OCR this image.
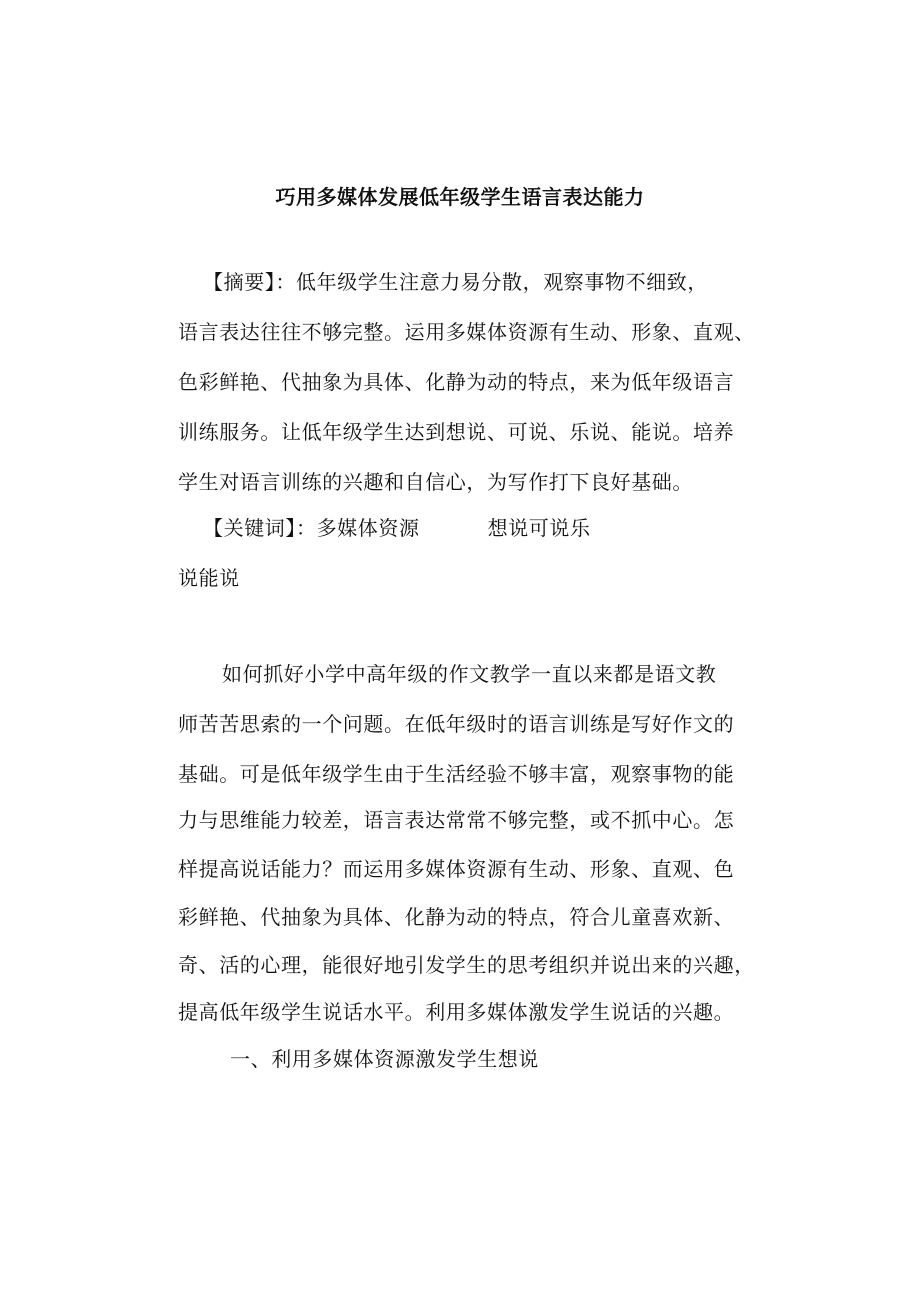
巧用多媒体发展低年级学生语言表达能力
【摘要】：低年级学生注意力易分散，观察事物不细致，
语言表达往往不够完整。运用多媒体资源有生动、形象、直观、
色彩鲜艳、代抽象为具体、化静为动的特点，来为低年级语言
训练服务。让低年级学生达到想说、可说、乐说、能说。培养
学生对语言训练的兴趣和自信心，为写作打下良好基础。
【关键词】：多媒体资源	想说可说乐
说能说
如何抓好小学中高年级的作文教学一直以来都是语文教
师苦苦思索的一个问题。在低年级时的语言训练是写好作文的
基础。可是低年级学生由于生活经验不够丰富，观察事物的能
力与思维能力较差，语言表达常常不够完整，或不抓中心。怎
样提高说话能力？而运用多媒体资源有生动、形象、直观、色
彩鲜艳、代抽象为具体、化静为动的特点，符合儿童喜欢新、
奇、活的心理，能很好地引发学生的思考组织并说出来的兴趣，
提高低年级学生说话水平。利用多媒体激发学生说话的兴趣。
一、利用多媒体资源激发学生想说
